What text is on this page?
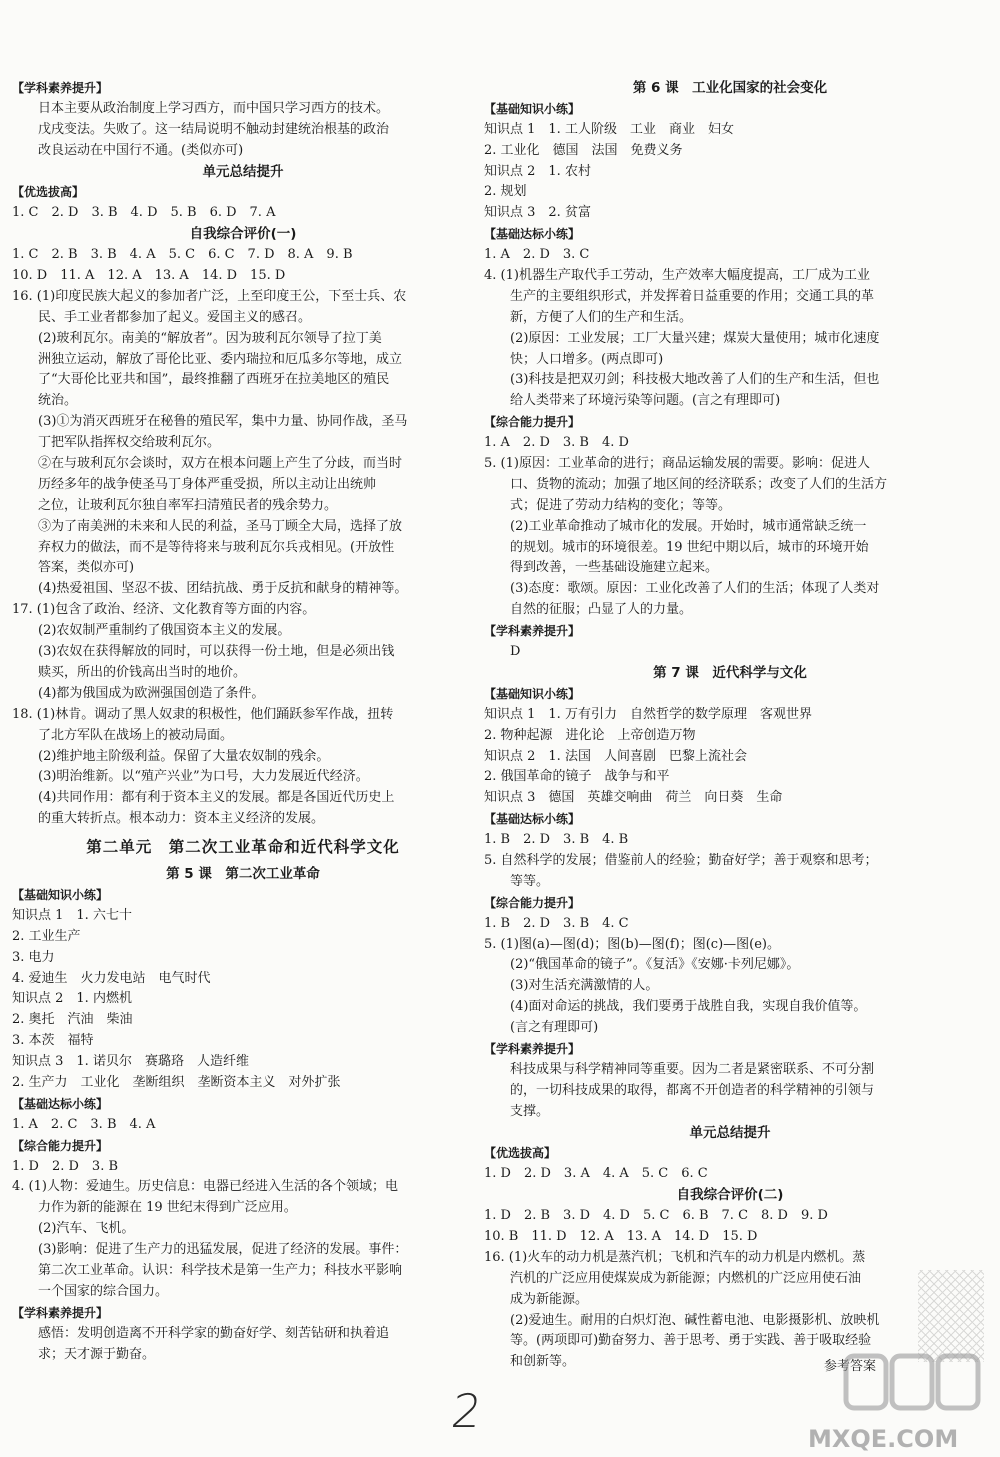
【学科素养提升】
　　日本主要从政治制度上学习西方，而中国只学习西方的技术。
　　戊戌变法。失败了。这一结局说明不触动封建统治根基的政治
　　改良运动在中国行不通。(类似亦可)
单元总结提升
【优选拔高】
1. C　2. D　3. B　4. D　5. B　6. D　7. A
自我综合评价(一)
1. C　2. B　3. B　4. A　5. C　6. C　7. D　8. A　9. B
10. D　11. A　12. A　13. A　14. D　15. D
16. (1)印度民族大起义的参加者广泛，上至印度王公，下至士兵、农
　　民、手工业者都参加了起义。爱国主义的感召。
　　(2)玻利瓦尔。南美的“解放者”。因为玻利瓦尔领导了拉丁美
　　洲独立运动，解放了哥伦比亚、委内瑞拉和厄瓜多尔等地，成立
　　了“大哥伦比亚共和国”，最终推翻了西班牙在拉美地区的殖民
　　统治。
　　(3)①为消灭西班牙在秘鲁的殖民军，集中力量、协同作战，圣马
　　丁把军队指挥权交给玻利瓦尔。
　　②在与玻利瓦尔会谈时，双方在根本问题上产生了分歧，而当时
　　历经多年的战争使圣马丁身体严重受损，所以主动让出统帅
　　之位，让玻利瓦尔独自率军扫清殖民者的残余势力。
　　③为了南美洲的未来和人民的利益，圣马丁顾全大局，选择了放
　　弃权力的做法，而不是等待将来与玻利瓦尔兵戎相见。(开放性
　　答案，类似亦可)
　　(4)热爱祖国、坚忍不拔、团结抗战、勇于反抗和献身的精神等。
17. (1)包含了政治、经济、文化教育等方面的内容。
　　(2)农奴制严重制约了俄国资本主义的发展。
　　(3)农奴在获得解放的同时，可以获得一份土地，但是必须出钱
　　赎买，所出的价钱高出当时的地价。
　　(4)都为俄国成为欧洲强国创造了条件。
18. (1)林肯。调动了黑人奴隶的积极性，他们踊跃参军作战，扭转
　　了北方军队在战场上的被动局面。
　　(2)维护地主阶级利益。保留了大量农奴制的残余。
　　(3)明治维新。以“殖产兴业”为口号，大力发展近代经济。
　　(4)共同作用：都有利于资本主义的发展。都是各国近代历史上
　　的重大转折点。根本动力：资本主义经济的发展。
第二单元　第二次工业革命和近代科学文化
第 5 课　第二次工业革命
【基础知识小练】
知识点 1　1. 六七十
2. 工业生产
3. 电力
4. 爱迪生　火力发电站　电气时代
知识点 2　1. 内燃机
2. 奥托　汽油　柴油
3. 本茨　福特
知识点 3　1. 诺贝尔　赛璐珞　人造纤维
2. 生产力　工业化　垄断组织　垄断资本主义　对外扩张
【基础达标小练】
1. A　2. C　3. B　4. A
【综合能力提升】
1. D　2. D　3. B
4. (1)人物：爱迪生。历史信息：电器已经进入生活的各个领域；电
　　力作为新的能源在 19 世纪末得到广泛应用。
　　(2)汽车、飞机。
　　(3)影响：促进了生产力的迅猛发展，促进了经济的发展。事件：
　　第二次工业革命。认识：科学技术是第一生产力；科技水平影响
　　一个国家的综合国力。
【学科素养提升】
　　感悟：发明创造离不开科学家的勤奋好学、刻苦钻研和执着追
　　求；天才源于勤奋。
第 6 课　工业化国家的社会变化
【基础知识小练】
知识点 1　1. 工人阶级　工业　商业　妇女
2. 工业化　德国　法国　免费义务
知识点 2　1. 农村
2. 规划
知识点 3　2. 贫富
【基础达标小练】
1. A　2. D　3. C
4. (1)机器生产取代手工劳动，生产效率大幅度提高，工厂成为工业
　　生产的主要组织形式，并发挥着日益重要的作用；交通工具的革
　　新，方便了人们的生产和生活。
　　(2)原因：工业发展；工厂大量兴建；煤炭大量使用；城市化速度
　　快；人口增多。(两点即可)
　　(3)科技是把双刃剑；科技极大地改善了人们的生产和生活，但也
　　给人类带来了环境污染等问题。(言之有理即可)
【综合能力提升】
1. A　2. D　3. B　4. D
5. (1)原因：工业革命的进行；商品运输发展的需要。影响：促进人
　　口、货物的流动；加强了地区间的经济联系；改变了人们的生活方
　　式；促进了劳动力结构的变化；等等。
　　(2)工业革命推动了城市化的发展。开始时，城市通常缺乏统一
　　的规划。城市的环境很差。19 世纪中期以后，城市的环境开始
　　得到改善，一些基础设施建立起来。
　　(3)态度：歌颂。原因：工业化改善了人们的生活；体现了人类对
　　自然的征服；凸显了人的力量。
【学科素养提升】
　　D
第 7 课　近代科学与文化
【基础知识小练】
知识点 1　1. 万有引力　自然哲学的数学原理　客观世界
2. 物种起源　进化论　上帝创造万物
知识点 2　1. 法国　人间喜剧　巴黎上流社会
2. 俄国革命的镜子　战争与和平
知识点 3　德国　英雄交响曲　荷兰　向日葵　生命
【基础达标小练】
1. B　2. D　3. B　4. B
5. 自然科学的发展；借鉴前人的经验；勤奋好学；善于观察和思考；
　　等等。
【综合能力提升】
1. B　2. D　3. B　4. C
5. (1)图(a)—图(d)；图(b)—图(f)；图(c)—图(e)。
　　(2)“俄国革命的镜子”。《复活》《安娜·卡列尼娜》。
　　(3)对生活充满激情的人。
　　(4)面对命运的挑战，我们要勇于战胜自我，实现自我价值等。
　　(言之有理即可)
【学科素养提升】
　　科技成果与科学精神同等重要。因为二者是紧密联系、不可分割
　　的，一切科技成果的取得，都离不开创造者的科学精神的引领与
　　支撑。
单元总结提升
【优选拔高】
1. D　2. D　3. A　4. A　5. C　6. C
自我综合评价(二)
1. D　2. B　3. D　4. D　5. C　6. B　7. C　8. D　9. D
10. B　11. D　12. A　13. A　14. D　15. D
16. (1)火车的动力机是蒸汽机；飞机和汽车的动力机是内燃机。蒸
　　汽机的广泛应用使煤炭成为新能源；内燃机的广泛应用使石油
　　成为新能源。
　　(2)爱迪生。耐用的白炽灯泡、碱性蓄电池、电影摄影机、放映机
　　等。(两项即可)勤奋努力、善于思考、勇于实践、善于吸取经验
　　和创新等。	参考答案
2
MXQE.COM
